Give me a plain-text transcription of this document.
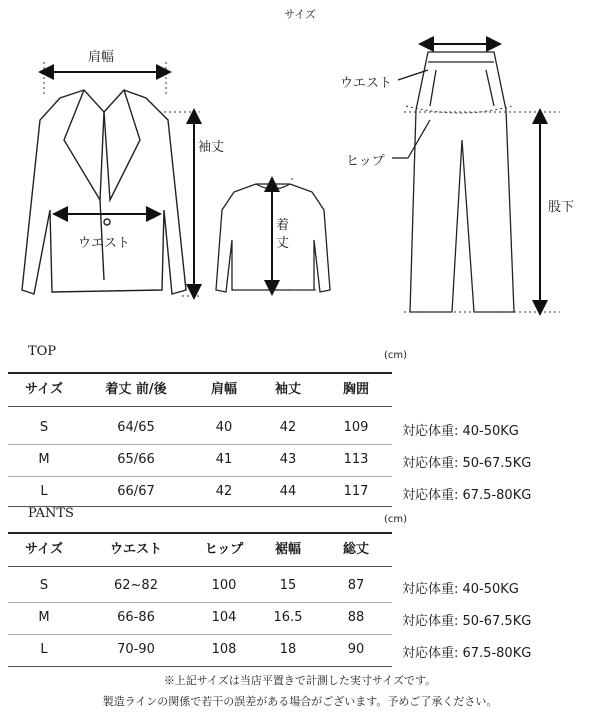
サイズ
肩幅
袖丈
ウエスト
着
丈
ウエスト
ヒップ
股下
TOP	(cm)
サイズ	着丈 前/後	肩幅	袖丈	胸囲
S	64/65	40	42	109	対応体重: 40-50KG
M	65/66	41	43	113	対応体重: 50-67.5KG
L	66/67	42	44	117	対応体重: 67.5-80KG
PANTS	(cm)
サイズ	ウエスト	ヒップ	裾幅	総丈
S	62~82	100	15	87	対応体重: 40-50KG
M	66-86	104	16.5	88	対応体重: 50-67.5KG
L	70-90	108	18	90	対応体重: 67.5-80KG
※上記サイズは当店平置きで計測した実寸サイズです。
製造ラインの関係で若干の誤差がある場合がございます。予めご了承ください。
